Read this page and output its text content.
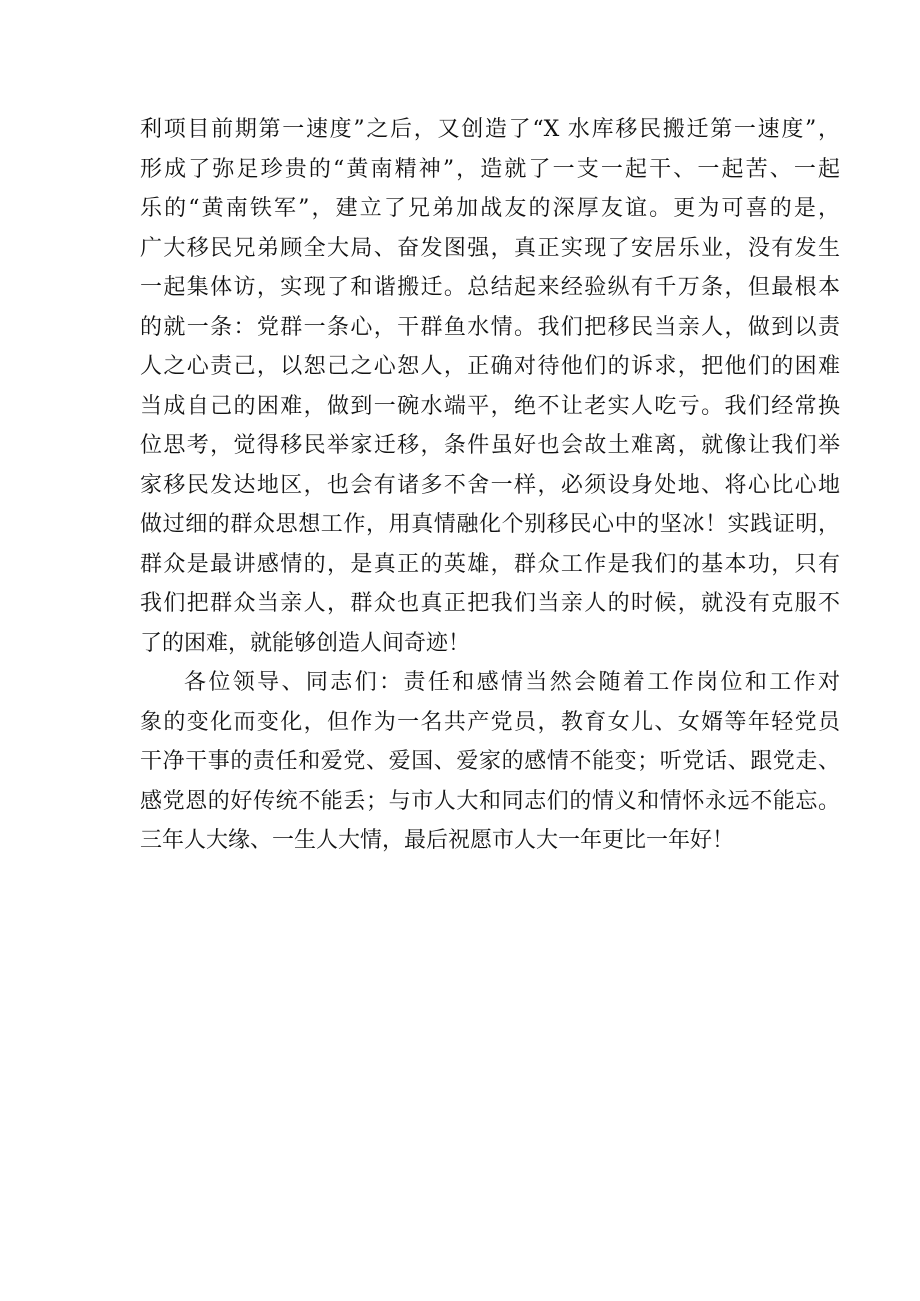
利项目前期第一速度”之后，又创造了“X 水库移民搬迁第一速度”，
形成了弥足珍贵的“黄南精神”，造就了一支一起干、一起苦、一起
乐的“黄南铁军”，建立了兄弟加战友的深厚友谊。更为可喜的是，
广大移民兄弟顾全大局、奋发图强，真正实现了安居乐业，没有发生
一起集体访，实现了和谐搬迁。总结起来经验纵有千万条，但最根本
的就一条：党群一条心，干群鱼水情。我们把移民当亲人，做到以责
人之心责己，以恕己之心恕人，正确对待他们的诉求，把他们的困难
当成自己的困难，做到一碗水端平，绝不让老实人吃亏。我们经常换
位思考，觉得移民举家迁移，条件虽好也会故土难离，就像让我们举
家移民发达地区，也会有诸多不舍一样，必须设身处地、将心比心地
做过细的群众思想工作，用真情融化个别移民心中的坚冰！实践证明，
群众是最讲感情的，是真正的英雄，群众工作是我们的基本功，只有
我们把群众当亲人，群众也真正把我们当亲人的时候，就没有克服不
了的困难，就能够创造人间奇迹！

各位领导、同志们：责任和感情当然会随着工作岗位和工作对
象的变化而变化，但作为一名共产党员，教育女儿、女婿等年轻党员
干净干事的责任和爱党、爱国、爱家的感情不能变；听党话、跟党走、
感党恩的好传统不能丢；与市人大和同志们的情义和情怀永远不能忘。
三年人大缘、一生人大情，最后祝愿市人大一年更比一年好！
